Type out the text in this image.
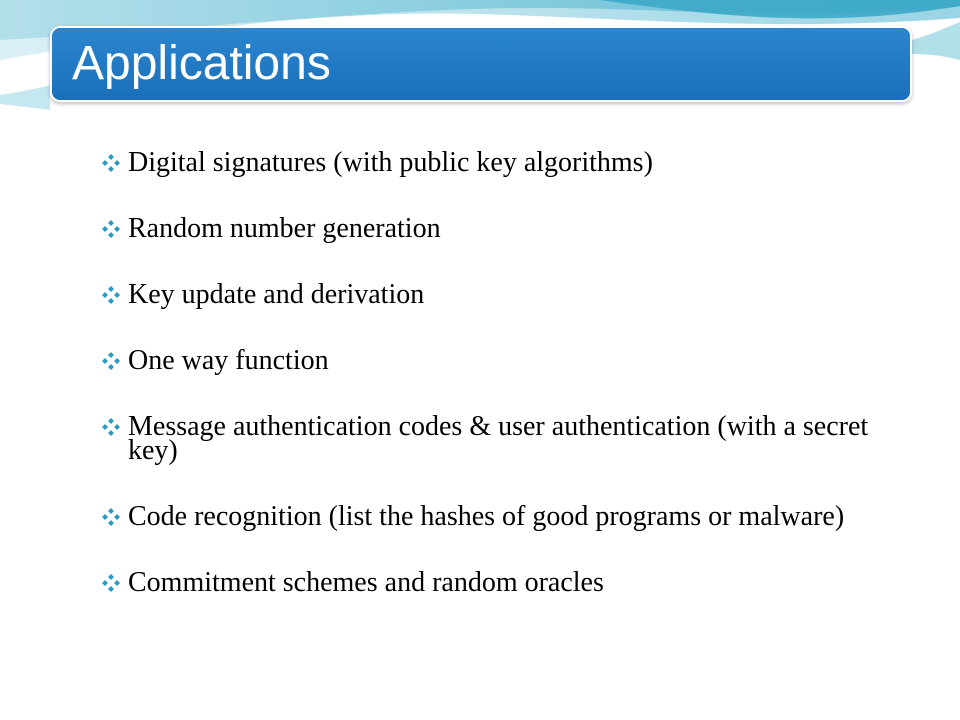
Applications
Digital signatures (with public key algorithms)
Random number generation
Key update and derivation
One way function
Message authentication codes & user authentication (with a secret key)
Code recognition (list the hashes of good programs or malware)
Commitment schemes and random oracles
